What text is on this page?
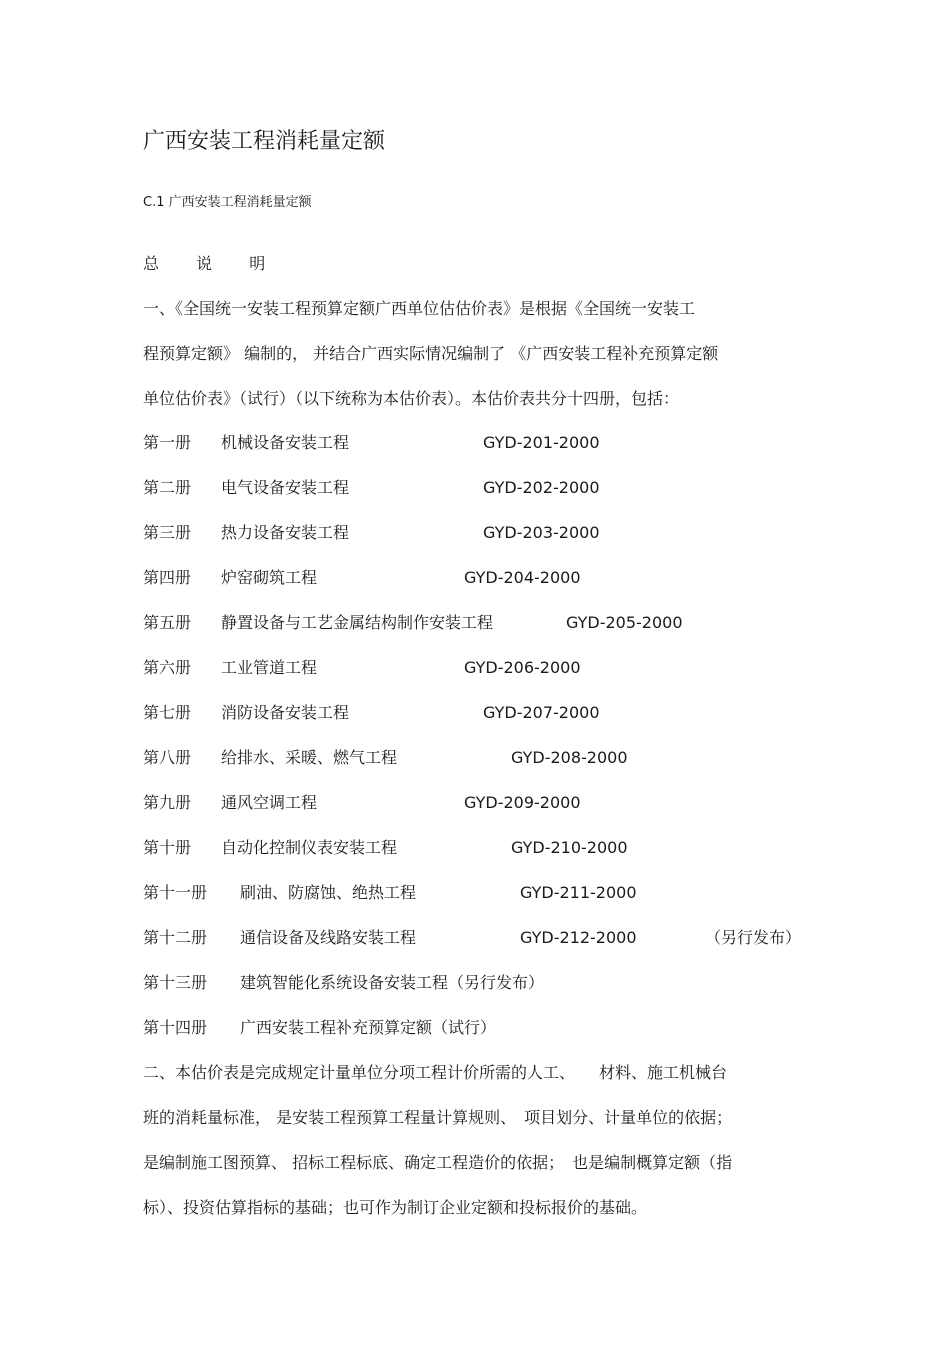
广西安装工程消耗量定额
C.1 广西安装工程消耗量定额
总 说 明
一、《全国统一安装工程预算定额广西单位估估价表》是根据《全国统一安装工
程预算定额》 编制的， 并结合广西实际情况编制了 《广西安装工程补充预算定额
单位估价表》（试行）（以下统称为本估价表）。本估价表共分十四册，包括：
第一册 机械设备安装工程	GYD-201-2000
第二册 电气设备安装工程	GYD-202-2000
第三册 热力设备安装工程	GYD-203-2000
第四册 炉窑砌筑工程	GYD-204-2000
第五册 静置设备与工艺金属结构制作安装工程	GYD-205-2000
第六册 工业管道工程	GYD-206-2000
第七册 消防设备安装工程	GYD-207-2000
第八册 给排水、采暖、燃气工程	GYD-208-2000
第九册 通风空调工程	GYD-209-2000
第十册 自动化控制仪表安装工程	GYD-210-2000
第十一册 刷油、防腐蚀、绝热工程	GYD-211-2000
第十二册 通信设备及线路安装工程	GYD-212-2000	（另行发布）
第十三册 建筑智能化系统设备安装工程（另行发布）
第十四册 广西安装工程补充预算定额（试行）
二、本估价表是完成规定计量单位分项工程计价所需的人工、　　材料、施工机械台
班的消耗量标准， 是安装工程预算工程量计算规则、　项目划分、计量单位的依据；
是编制施工图预算、 招标工程标底、确定工程造价的依据；　也是编制概算定额（指
标）、投资估算指标的基础；也可作为制订企业定额和投标报价的基础。
